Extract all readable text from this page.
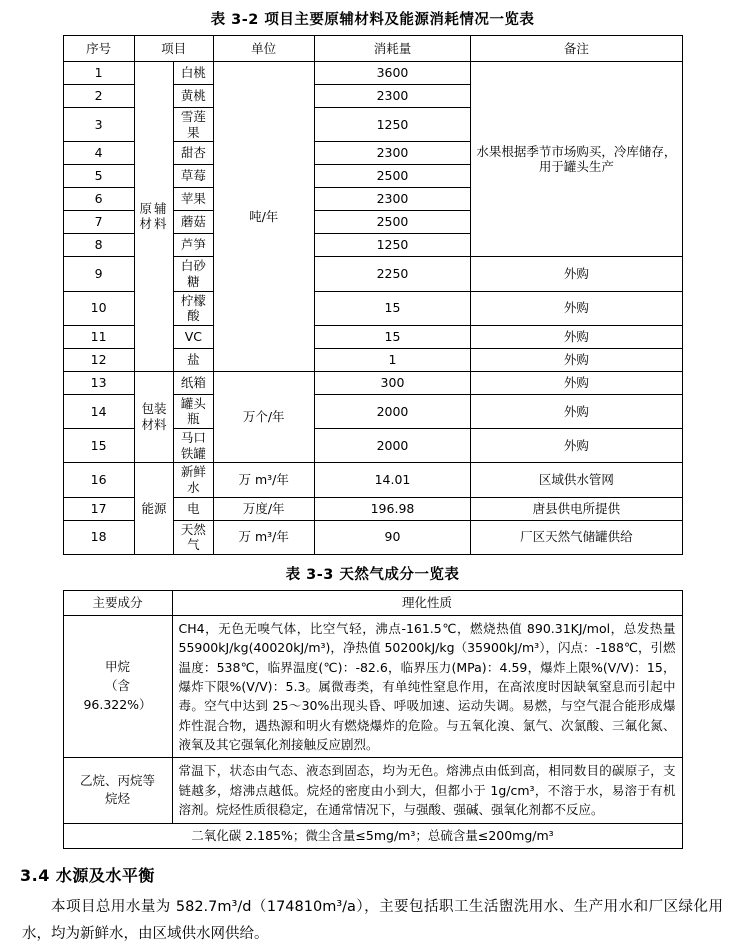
表 3-2 项目主要原辅材料及能源消耗情况一览表
序号	项目		单位	消耗量	备注
1	原辅材料	白桃	吨/年	3600	水果根据季节市场购买，冷库储存，用于罐头生产
2		黄桃		2300	
3		雪莲果		1250	
4		甜杏		2300	
5		草莓		2500	
6		苹果		2300	
7		蘑菇		2500	
8		芦笋		1250	
9		白砂糖		2250	外购
10		柠檬酸		15	外购
11		VC		15	外购
12		盐		1	外购
13	包装材料	纸箱	万个/年	300	外购
14		罐头瓶		2000	外购
15		马口铁罐		2000	外购
16	能源	新鲜水	万 m³/年	14.01	区域供水管网
17		电	万度/年	196.98	唐县供电所提供
18		天然气	万 m³/年	90	厂区天然气储罐供给
表 3-3 天然气成分一览表
主要成分	理化性质

甲烷
（含
96.322%）
	CH4，无色无嗅气体，比空气轻，沸点-161.5℃，燃烧热值 890.31KJ/mol，总发热量 55900kJ/kg(40020kJ/m³)，净热值 50200kJ/kg（35900kJ/m³），闪点：-188℃，引燃温度：538℃，临界温度(℃)：-82.6，临界压力(MPa)：4.59，爆炸上限%(V/V)：15，爆炸下限%(V/V)：5.3。属微毒类，有单纯性窒息作用，在高浓度时因缺氧窒息而引起中毒。空气中达到 25～30%出现头昏、呼吸加速、运动失调。易燃，与空气混合能形成爆炸性混合物，遇热源和明火有燃烧爆炸的危险。与五氧化溴、氯气、次氯酸、三氟化氮、液氧及其它强氧化剂接触反应剧烈。

乙烷、丙烷等
烷烃	常温下，状态由气态、液态到固态，均为无色。熔沸点由低到高，相同数目的碳原子，支链越多，熔沸点越低。烷烃的密度由小到大，但都小于 1g/cm³，不溶于水，易溶于有机溶剂。烷烃性质很稳定，在通常情况下，与强酸、强碱、强氧化剂都不反应。
二氧化碳 2.185%；微尘含量≤5mg/m³；总硫含量≤200mg/m³	
3.4 水源及水平衡
本项目总用水量为 582.7m³/d（174810m³/a），主要包括职工生活盥洗用水、生产用水和厂区绿化用水，均为新鲜水，由区域供水网供给。
